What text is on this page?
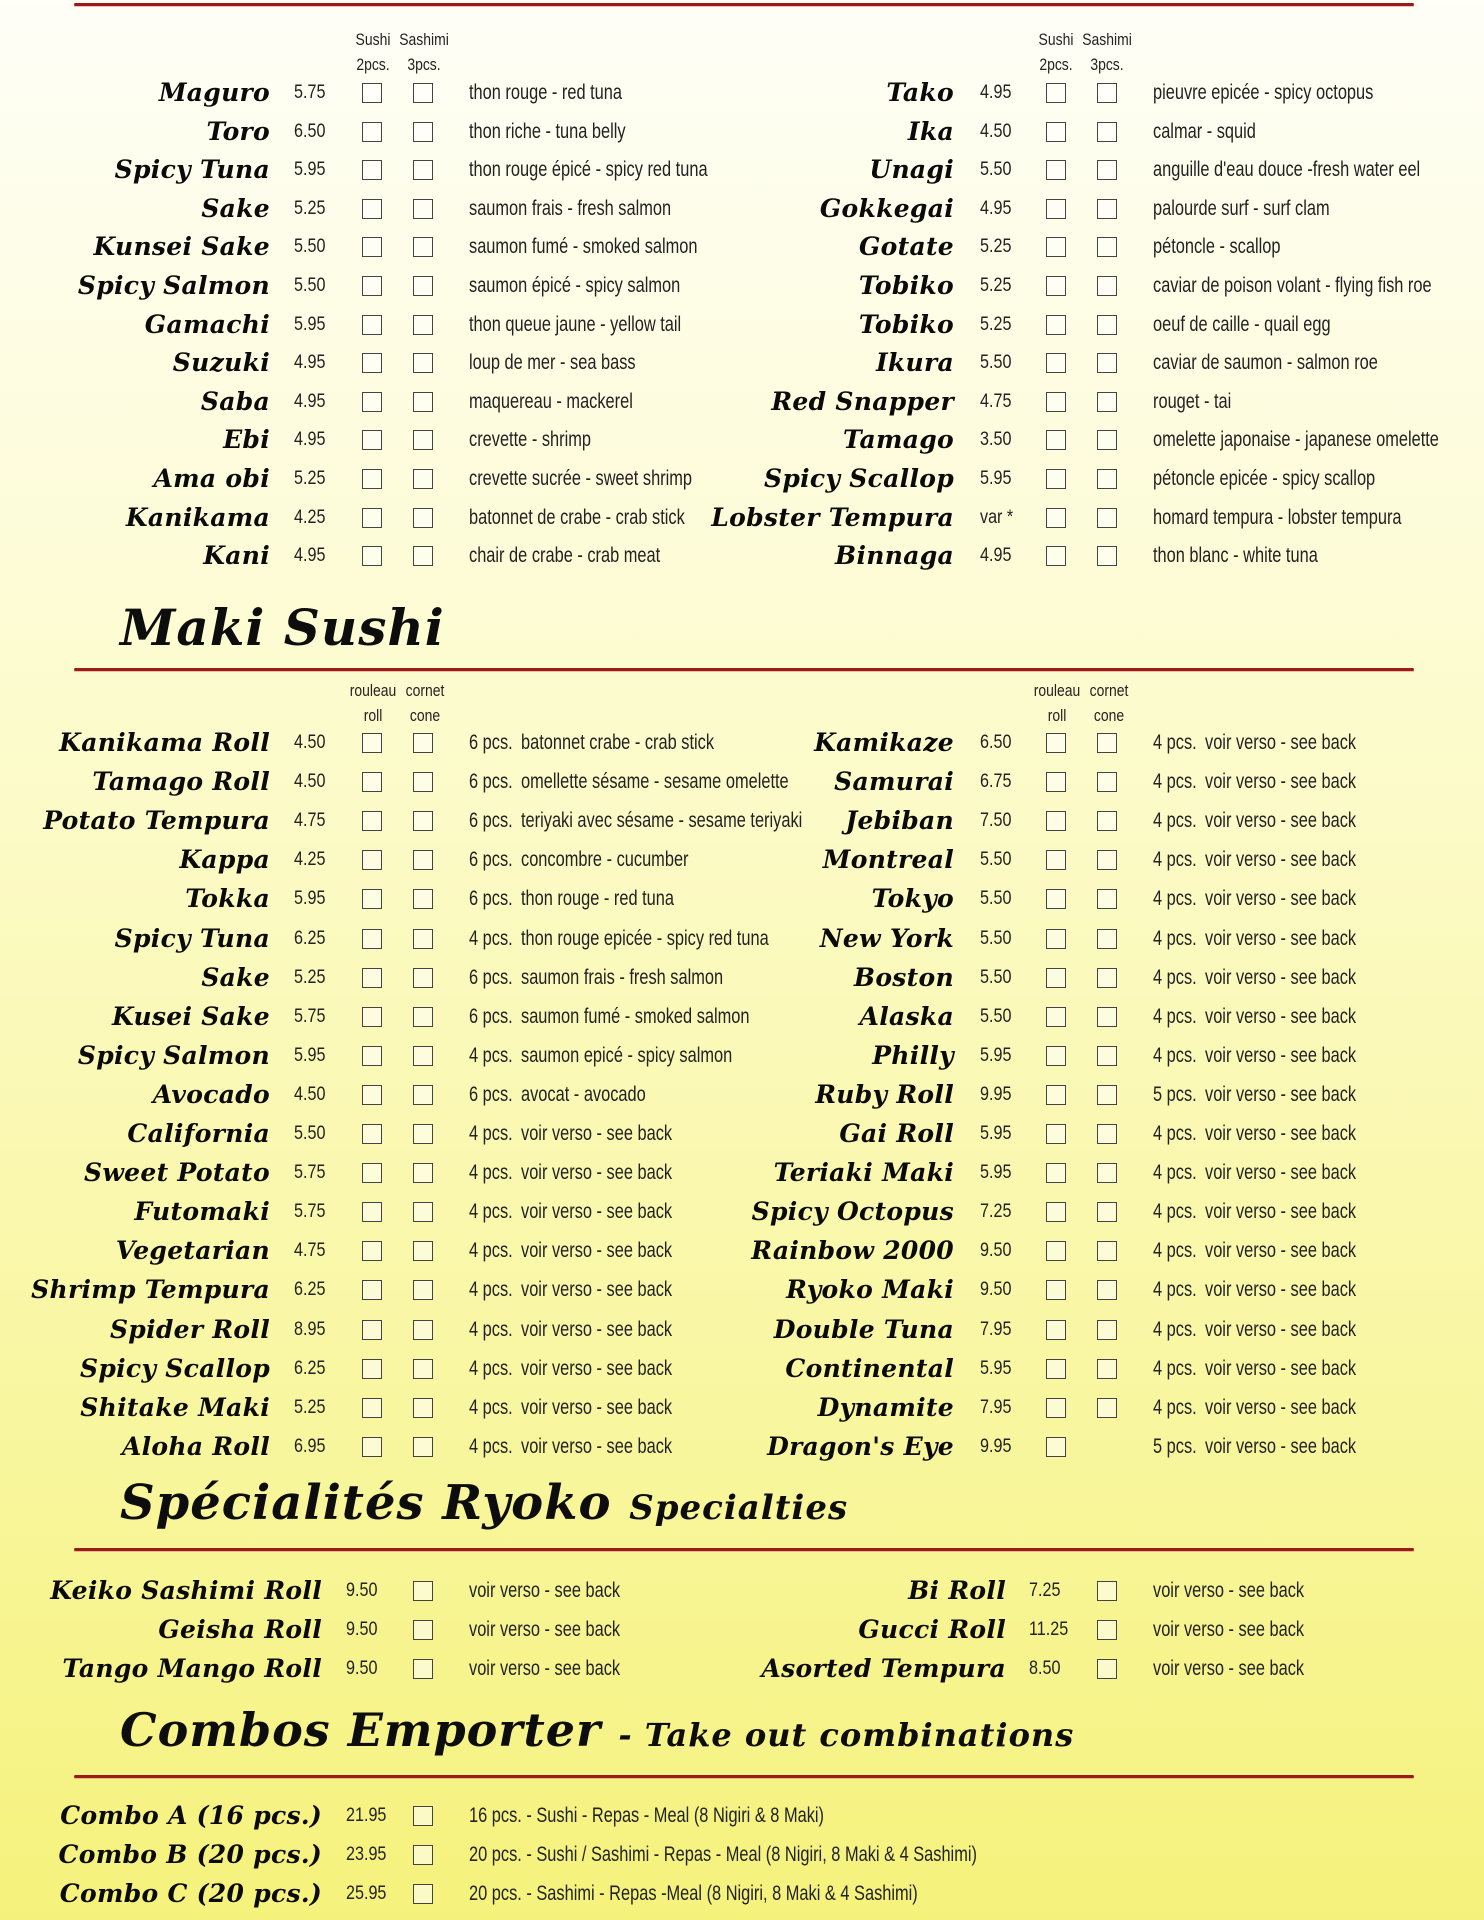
Sushi
2pcs.
Sashimi
3pcs.
Sushi
2pcs.
Sashimi
3pcs.
Maguro 5.75	thon rouge - red tuna
Toro 6.50	thon riche - tuna belly
Spicy Tuna 5.95	thon rouge épicé - spicy red tuna
Sake 5.25	saumon frais - fresh salmon
Kunsei Sake 5.50	saumon fumé - smoked salmon
Spicy Salmon 5.50	saumon épicé - spicy salmon
Gamachi 5.95	thon queue jaune - yellow tail
Suzuki 4.95	loup de mer - sea bass
Saba 4.95	maquereau - mackerel
Ebi 4.95	crevette - shrimp
Ama obi 5.25	crevette sucrée - sweet shrimp
Kanikama 4.25	batonnet de crabe - crab stick
Kani 4.95	chair de crabe - crab meat
Tako 4.95	pieuvre epicée - spicy octopus
Ika 4.50	calmar - squid
Unagi 5.50	anguille d'eau douce -fresh water eel
Gokkegai 4.95	palourde surf - surf clam
Gotate 5.25	pétoncle - scallop
Tobiko 5.25	caviar de poison volant - flying fish roe
Tobiko 5.25	oeuf de caille - quail egg
Ikura 5.50	caviar de saumon - salmon roe
Red Snapper 4.75	rouget - tai
Tamago 3.50	omelette japonaise - japanese omelette
Spicy Scallop 5.95	pétoncle epicée - spicy scallop
Lobster Tempura var *	homard tempura - lobster tempura
Binnaga 4.95	thon blanc - white tuna
Maki Sushi
rouleau
roll
cornet
cone
rouleau
roll
cornet
cone
Kanikama Roll 4.50	6 pcs. batonnet crabe - crab stick
Tamago Roll 4.50	6 pcs. omellette sésame - sesame omelette
Potato Tempura 4.75	6 pcs. teriyaki avec sésame - sesame teriyaki
Kappa 4.25	6 pcs. concombre - cucumber
Tokka 5.95	6 pcs. thon rouge - red tuna
Spicy Tuna 6.25	4 pcs. thon rouge epicée - spicy red tuna
Sake 5.25	6 pcs. saumon frais - fresh salmon
Kusei Sake 5.75	6 pcs. saumon fumé - smoked salmon
Spicy Salmon 5.95	4 pcs. saumon epicé - spicy salmon
Avocado 4.50	6 pcs. avocat - avocado
California 5.50	4 pcs. voir verso - see back
Sweet Potato 5.75	4 pcs. voir verso - see back
Futomaki 5.75	4 pcs. voir verso - see back
Vegetarian 4.75	4 pcs. voir verso - see back
Shrimp Tempura 6.25	4 pcs. voir verso - see back
Spider Roll 8.95	4 pcs. voir verso - see back
Spicy Scallop 6.25	4 pcs. voir verso - see back
Shitake Maki 5.25	4 pcs. voir verso - see back
Aloha Roll 6.95	4 pcs. voir verso - see back
Kamikaze 6.50	4 pcs. voir verso - see back
Samurai 6.75	4 pcs. voir verso - see back
Jebiban 7.50	4 pcs. voir verso - see back
Montreal 5.50	4 pcs. voir verso - see back
Tokyo 5.50	4 pcs. voir verso - see back
New York 5.50	4 pcs. voir verso - see back
Boston 5.50	4 pcs. voir verso - see back
Alaska 5.50	4 pcs. voir verso - see back
Philly 5.95	4 pcs. voir verso - see back
Ruby Roll 9.95	5 pcs. voir verso - see back
Gai Roll 5.95	4 pcs. voir verso - see back
Teriaki Maki 5.95	4 pcs. voir verso - see back
Spicy Octopus 7.25	4 pcs. voir verso - see back
Rainbow 2000 9.50	4 pcs. voir verso - see back
Ryoko Maki 9.50	4 pcs. voir verso - see back
Double Tuna 7.95	4 pcs. voir verso - see back
Continental 5.95	4 pcs. voir verso - see back
Dynamite 7.95	4 pcs. voir verso - see back
Dragon's Eye 9.95	5 pcs. voir verso - see back
Spécialités Ryoko Specialties
Keiko Sashimi Roll 9.50	voir verso - see back
Geisha Roll 9.50	voir verso - see back
Tango Mango Roll 9.50	voir verso - see back
Bi Roll 7.25	voir verso - see back
Gucci Roll 11.25	voir verso - see back
Asorted Tempura 8.50	voir verso - see back
Combos Emporter - Take out combinations
Combo A (16 pcs.) 21.95	16 pcs. - Sushi - Repas - Meal (8 Nigiri & 8 Maki)
Combo B (20 pcs.) 23.95	20 pcs. - Sushi / Sashimi - Repas - Meal (8 Nigiri, 8 Maki & 4 Sashimi)
Combo C (20 pcs.) 25.95	20 pcs. - Sashimi - Repas -Meal (8 Nigiri, 8 Maki & 4 Sashimi)
